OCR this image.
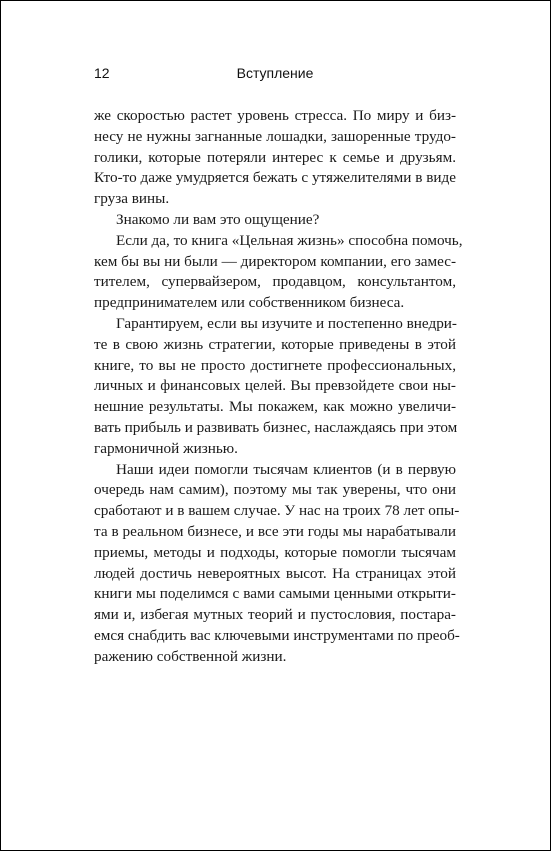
12	Вступление
же скоростью растет уровень стресса. По миру и биз-
несу не нужны загнанные лошадки, зашоренные трудо-
голики, которые потеряли интерес к семье и друзьям.
Кто-то даже умудряется бежать с утяжелителями в виде
груза вины.
Знакомо ли вам это ощущение?
Если да, то книга «Цельная жизнь» способна помочь,
кем бы вы ни были — директором компании, его замес-
тителем, супервайзером, продавцом, консультантом,
предпринимателем или собственником бизнеса.
Гарантируем, если вы изучите и постепенно внедри-
те в свою жизнь стратегии, которые приведены в этой
книге, то вы не просто достигнете профессиональных,
личных и финансовых целей. Вы превзойдете свои ны-
нешние результаты. Мы покажем, как можно увеличи-
вать прибыль и развивать бизнес, наслаждаясь при этом
гармоничной жизнью.
Наши идеи помогли тысячам клиентов (и в первую
очередь нам самим), поэтому мы так уверены, что они
сработают и в вашем случае. У нас на троих 78 лет опы-
та в реальном бизнесе, и все эти годы мы нарабатывали
приемы, методы и подходы, которые помогли тысячам
людей достичь невероятных высот. На страницах этой
книги мы поделимся с вами самыми ценными открыти-
ями и, избегая мутных теорий и пустословия, постара-
емся снабдить вас ключевыми инструментами по преоб-
ражению собственной жизни.
